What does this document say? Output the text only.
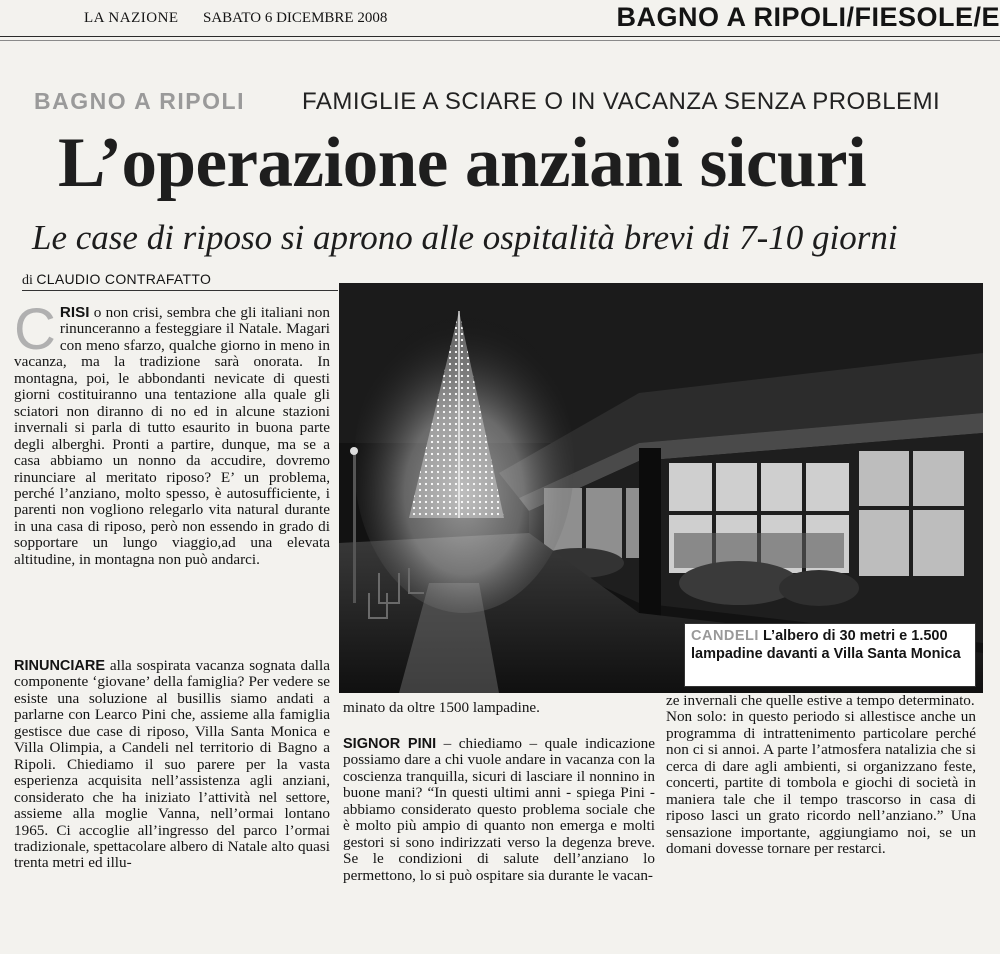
LA NAZIONE SABATO 6 DICEMBRE 2008	BAGNO A RIPOLI/FIESOLE/E
BAGNO A RIPOLI FAMIGLIE A SCIARE O IN VACANZA SENZA PROBLEMI
L’operazione anziani sicuri
Le case di riposo si aprono alle ospitalità brevi di 7-10 giorni
di CLAUDIO CONTRAFATTO

C RISI o non crisi, sembra che gli italiani non rinunceranno a festeggiare il Natale. Magari con meno sfarzo, qualche giorno in meno in vacanza, ma la tradizione sarà onorata. In montagna, poi, le abbondanti nevicate di questi giorni costituiranno una tentazione alla quale gli sciatori non diranno di no ed in alcune stazioni invernali si parla di tutto esaurito in buona parte degli alberghi. Pronti a partire, dunque, ma se a casa abbiamo un nonno da accudire, dovremo rinunciare al meritato riposo? E’ un problema, perché l’anziano, molto spesso, è autosufficiente, i parenti non vogliono relegarlo vita natural durante in una casa di riposo, però non essendo in grado di sopportare un lungo viaggio,ad una elevata altitudine, in montagna non può andarci.

RINUNCIARE alla sospirata vacanza sognata dalla componente ‘giovane’ della famiglia? Per vedere se esiste una soluzione al busillis siamo andati a parlarne con Learco Pini che, assieme alla famiglia gestisce due case di riposo, Villa Santa Monica e Villa Olimpia, a Candeli nel territorio di Bagno a Ripoli. Chiediamo il suo parere per la vasta esperienza acquisita nell’assistenza agli anziani, considerato che ha iniziato l’attività nel settore, assieme alla moglie Vanna, nell’ormai lontano 1965. Ci accoglie all’ingresso del parco l’ormai tradizionale, spettacolare albero di Natale alto quasi trenta metri ed illu-

CANDELI L’albero di 30 metri e 1.500 lampadine davanti a Villa Santa Monica

minato da oltre 1500 lampadine.

SIGNOR PINI – chiediamo – quale indicazione possiamo dare a chi vuole andare in vacanza con la coscienza tranquilla, sicuri di lasciare il nonnino in buone mani? “In questi ultimi anni - spiega Pini - abbiamo considerato questo problema sociale che è molto più ampio di quanto non emerga e molti gestori si sono indirizzati verso la degenza breve. Se le condizioni di salute dell’anziano lo permettono, lo si può ospitare sia durante le vacan-

ze invernali che quelle estive a tempo determinato.

Non solo: in questo periodo si allestisce anche un programma di intrattenimento particolare perché non ci si annoi. A parte l’atmosfera natalizia che si cerca di dare agli ambienti, si organizzano feste, concerti, partite di tombola e giochi di società in maniera tale che il tempo trascorso in casa di riposo lasci un grato ricordo nell’anziano.” Una sensazione importante, aggiungiamo noi, se un domani dovesse tornare per restarci.
